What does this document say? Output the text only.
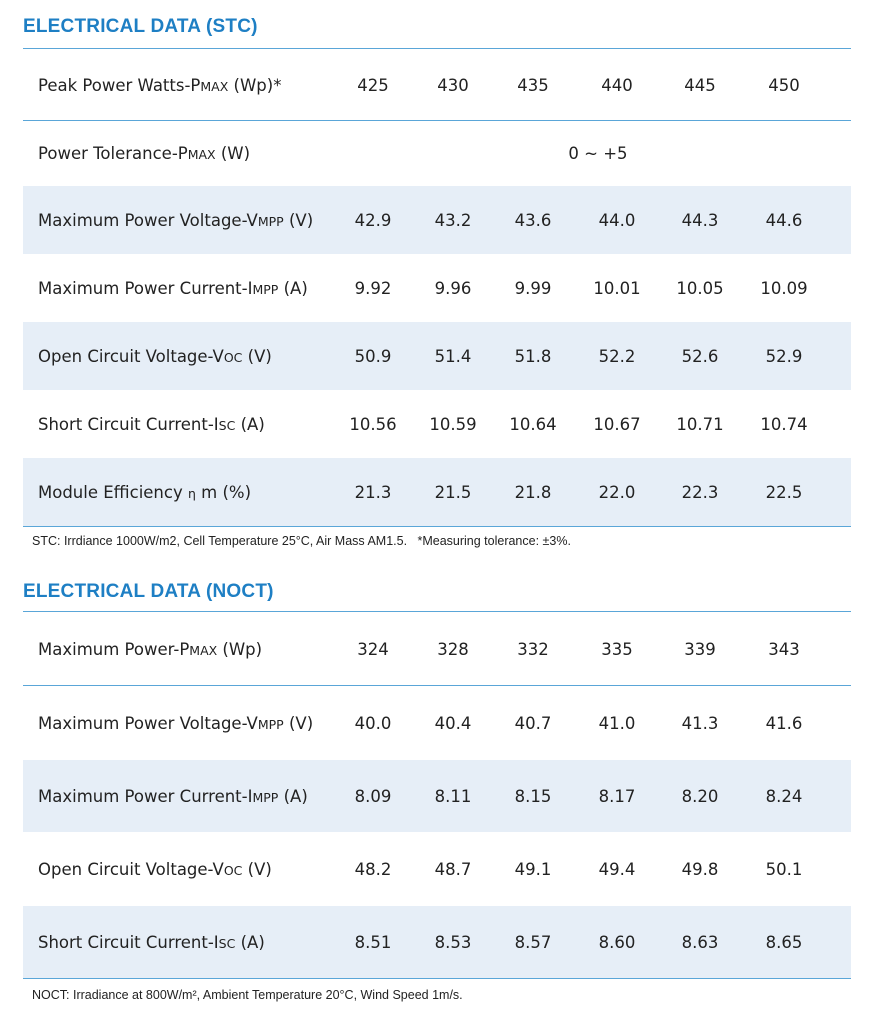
ELECTRICAL DATA (STC)
Peak Power Watts-PMAX (Wp)*	425	430	435	440	445	450
Power Tolerance-PMAX (W)	0 ~ +5
Maximum Power Voltage-VMPP (V)	42.9	43.2	43.6	44.0	44.3	44.6
Maximum Power Current-IMPP (A)	9.92	9.96	9.99	10.01	10.05	10.09
Open Circuit Voltage-VOC (V)	50.9	51.4	51.8	52.2	52.6	52.9
Short Circuit Current-ISC (A)	10.56	10.59	10.64	10.67	10.71	10.74
Module Efficiency η m (%)	21.3	21.5	21.8	22.0	22.3	22.5
STC: Irrdiance 1000W/m2, Cell Temperature 25°C, Air Mass AM1.5.   *Measuring tolerance: ±3%.
ELECTRICAL DATA (NOCT)
Maximum Power-PMAX (Wp)	324	328	332	335	339	343
Maximum Power Voltage-VMPP (V)	40.0	40.4	40.7	41.0	41.3	41.6
Maximum Power Current-IMPP (A)	8.09	8.11	8.15	8.17	8.20	8.24
Open Circuit Voltage-VOC (V)	48.2	48.7	49.1	49.4	49.8	50.1
Short Circuit Current-ISC (A)	8.51	8.53	8.57	8.60	8.63	8.65
NOCT: Irradiance at 800W/m², Ambient Temperature 20°C, Wind Speed 1m/s.
